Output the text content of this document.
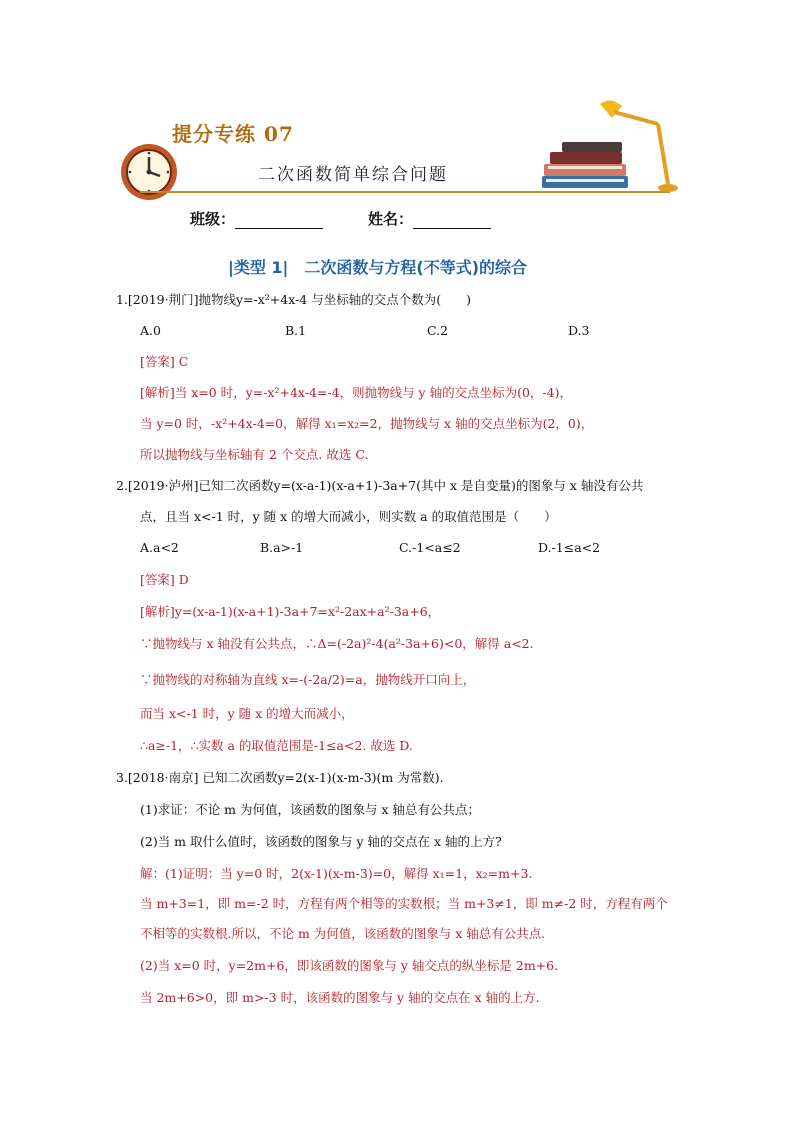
提分专练 07
二次函数简单综合问题
班级：	姓名：
|类型 1|　二次函数与方程(不等式)的综合
1.[2019·荆门]抛物线y=-x²+4x-4 与坐标轴的交点个数为(　　)
A.0	B.1	C.2	D.3
[答案] C
[解析]当 x=0 时，y=-x²+4x-4=-4，则抛物线与 y 轴的交点坐标为(0，-4)，
当 y=0 时，-x²+4x-4=0，解得 x₁=x₂=2，抛物线与 x 轴的交点坐标为(2，0)，
所以抛物线与坐标轴有 2 个交点. 故选 C.
2.[2019·泸州]已知二次函数y=(x-a-1)(x-a+1)-3a+7(其中 x 是自变量)的图象与 x 轴没有公共
点，且当 x<-1 时，y 随 x 的增大而减小，则实数 a 的取值范围是（　　）
A.a<2	B.a>-1	C.-1<a≤2	D.-1≤a<2
[答案] D
[解析]y=(x-a-1)(x-a+1)-3a+7=x²-2ax+a²-3a+6，
∵抛物线与 x 轴没有公共点，∴Δ=(-2a)²-4(a²-3a+6)<0，解得 a<2.
∵抛物线的对称轴为直线 x=-(-2a/2)=a，抛物线开口向上，
而当 x<-1 时，y 随 x 的增大而减小，
∴a≥-1，∴实数 a 的取值范围是-1≤a<2. 故选 D.
3.[2018·南京] 已知二次函数y=2(x-1)(x-m-3)(m 为常数).
(1)求证：不论 m 为何值，该函数的图象与 x 轴总有公共点；
(2)当 m 取什么值时，该函数的图象与 y 轴的交点在 x 轴的上方?
解：(1)证明：当 y=0 时，2(x-1)(x-m-3)=0，解得 x₁=1，x₂=m+3.
当 m+3=1，即 m=-2 时，方程有两个相等的实数根；当 m+3≠1，即 m≠-2 时，方程有两个
不相等的实数根.所以，不论 m 为何值，该函数的图象与 x 轴总有公共点.
(2)当 x=0 时，y=2m+6，即该函数的图象与 y 轴交点的纵坐标是 2m+6.
当 2m+6>0，即 m>-3 时，该函数的图象与 y 轴的交点在 x 轴的上方.
